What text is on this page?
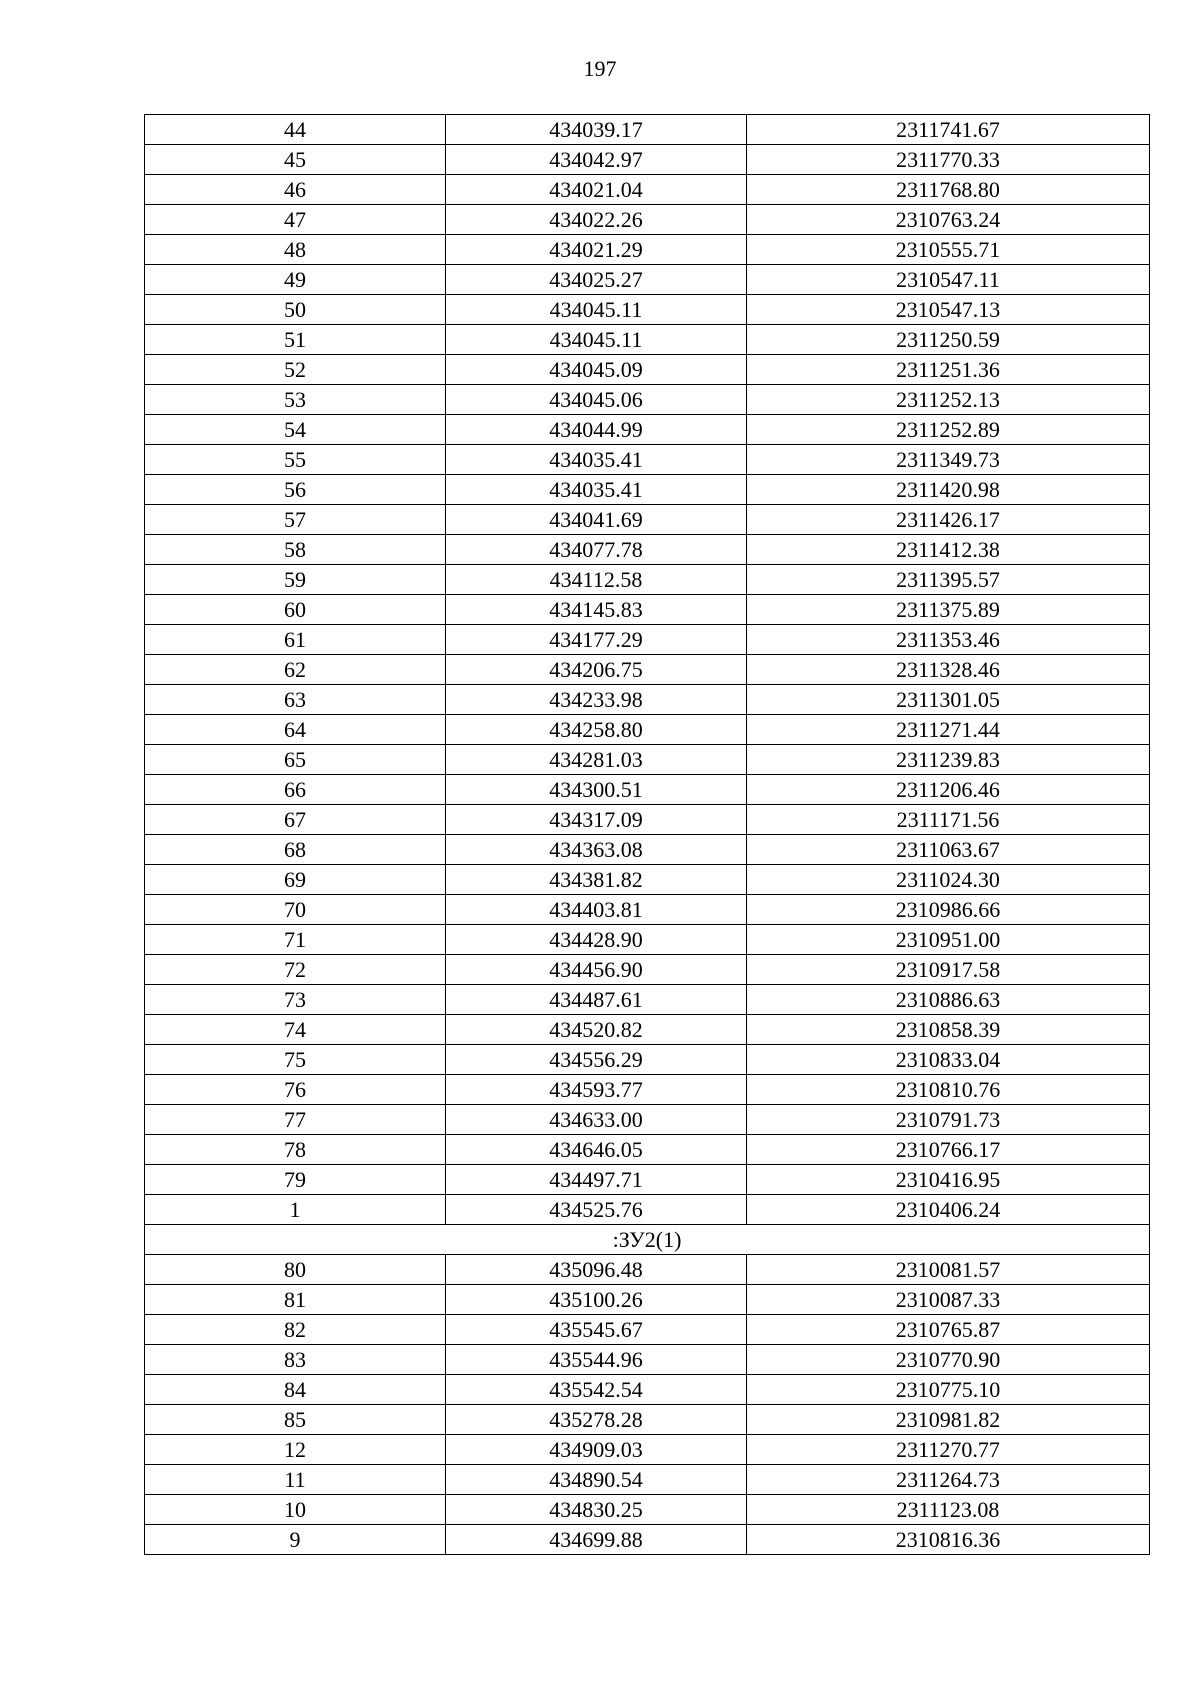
197
44	434039.17	2311741.67
45	434042.97	2311770.33
46	434021.04	2311768.80
47	434022.26	2310763.24
48	434021.29	2310555.71
49	434025.27	2310547.11
50	434045.11	2310547.13
51	434045.11	2311250.59
52	434045.09	2311251.36
53	434045.06	2311252.13
54	434044.99	2311252.89
55	434035.41	2311349.73
56	434035.41	2311420.98
57	434041.69	2311426.17
58	434077.78	2311412.38
59	434112.58	2311395.57
60	434145.83	2311375.89
61	434177.29	2311353.46
62	434206.75	2311328.46
63	434233.98	2311301.05
64	434258.80	2311271.44
65	434281.03	2311239.83
66	434300.51	2311206.46
67	434317.09	2311171.56
68	434363.08	2311063.67
69	434381.82	2311024.30
70	434403.81	2310986.66
71	434428.90	2310951.00
72	434456.90	2310917.58
73	434487.61	2310886.63
74	434520.82	2310858.39
75	434556.29	2310833.04
76	434593.77	2310810.76
77	434633.00	2310791.73
78	434646.05	2310766.17
79	434497.71	2310416.95
1	434525.76	2310406.24
:ЗУ2(1)		
80	435096.48	2310081.57
81	435100.26	2310087.33
82	435545.67	2310765.87
83	435544.96	2310770.90
84	435542.54	2310775.10
85	435278.28	2310981.82
12	434909.03	2311270.77
11	434890.54	2311264.73
10	434830.25	2311123.08
9	434699.88	2310816.36
